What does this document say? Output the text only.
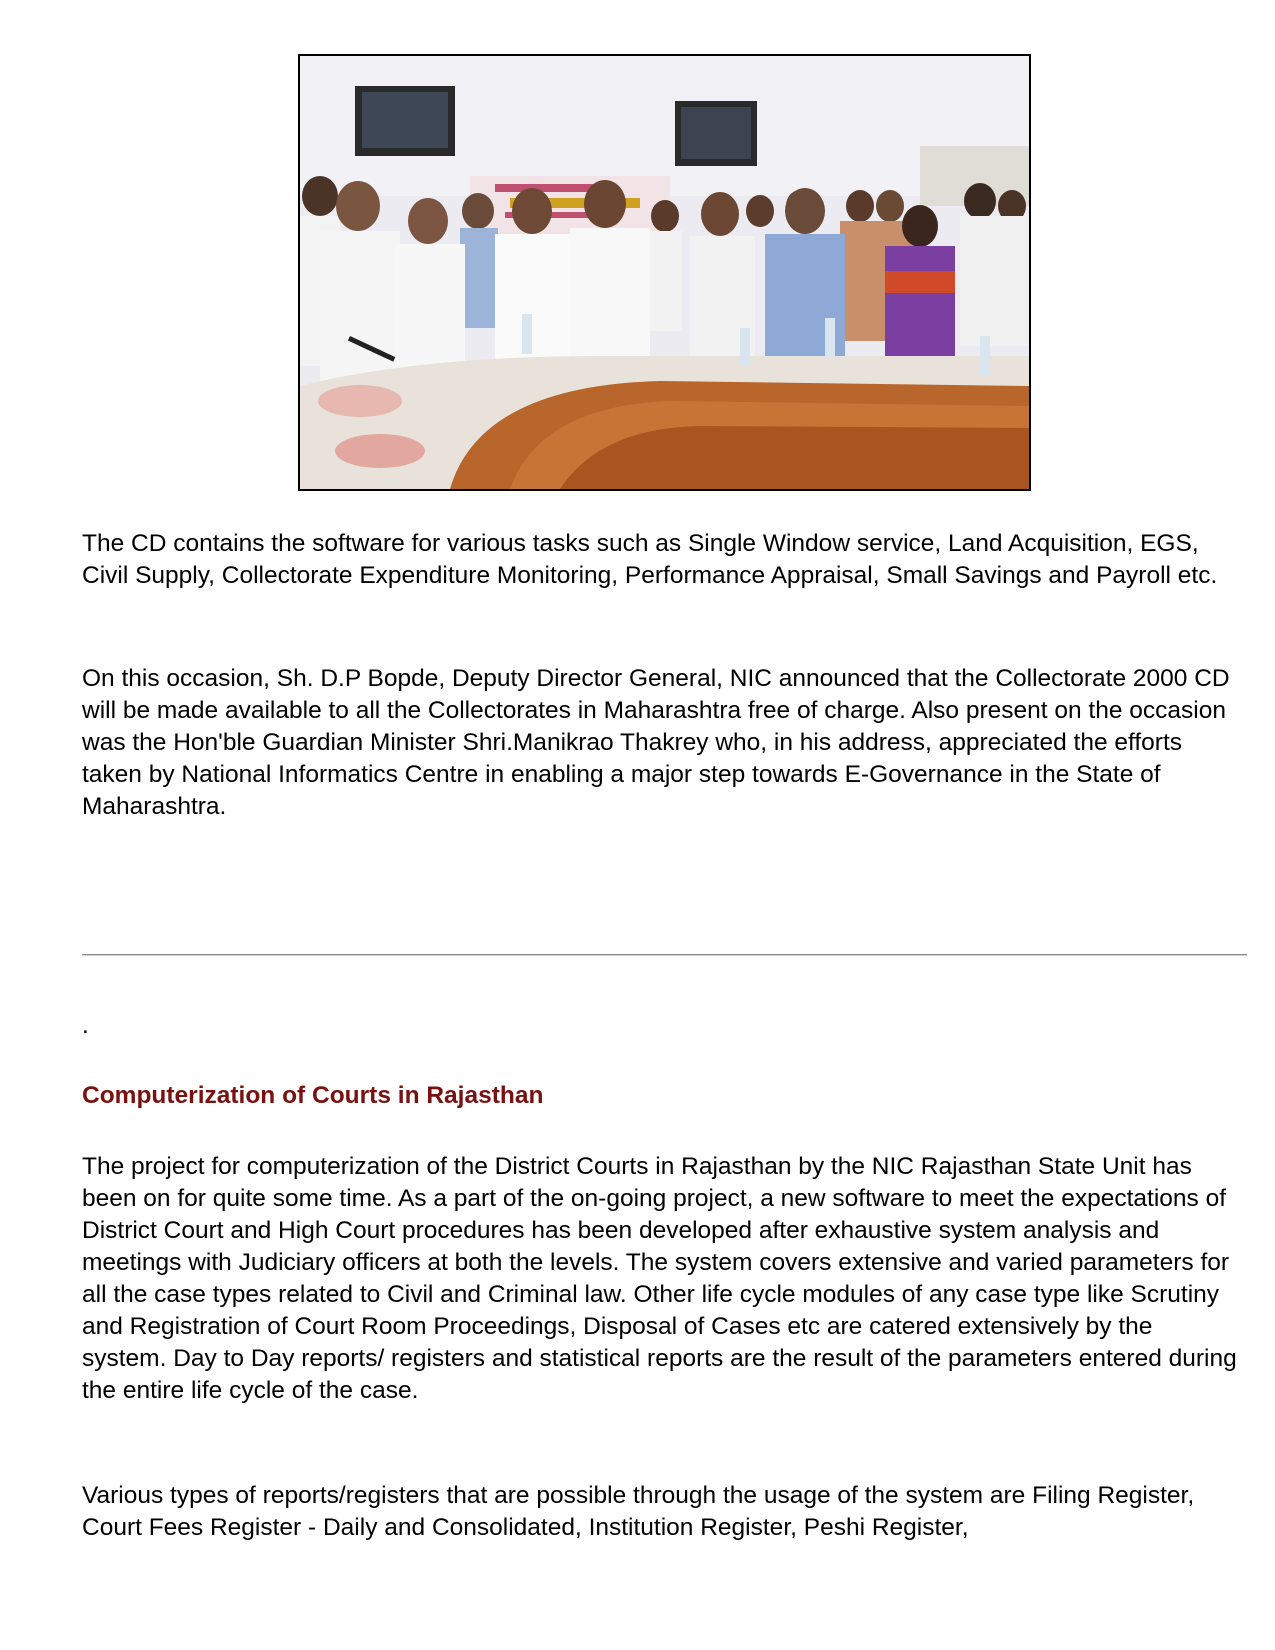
The CD contains the software for various tasks such as Single Window service, Land Acquisition, EGS, Civil Supply, Collectorate Expenditure Monitoring, Performance Appraisal, Small Savings and Payroll etc.

On this occasion, Sh. D.P Bopde, Deputy Director General, NIC announced that the Collectorate 2000 CD will be made available to all the Collectorates in Maharashtra free of charge. Also present on the occasion was the Hon'ble Guardian Minister Shri.Manikrao Thakrey who, in his address, appreciated the efforts taken by National Informatics Centre in enabling a major step towards E-Governance in the State of Maharashtra.

.

Computerization of Courts in Rajasthan

The project for computerization of the District Courts in Rajasthan by the NIC Rajasthan State Unit has been on for quite some time. As a part of the on-going project, a new software to meet the expectations of District Court and High Court procedures has been developed after exhaustive system analysis and meetings with Judiciary officers at both the levels. The system covers extensive and varied parameters for all the case types related to Civil and Criminal law. Other life cycle modules of any case type like Scrutiny and Registration of Court Room Proceedings, Disposal of Cases etc are catered extensively by the system. Day to Day reports/ registers and statistical reports are the result of the parameters entered during the entire life cycle of the case.

Various types of reports/registers that are possible through the usage of the system are Filing Register, Court Fees Register - Daily and Consolidated, Institution Register, Peshi Register,
